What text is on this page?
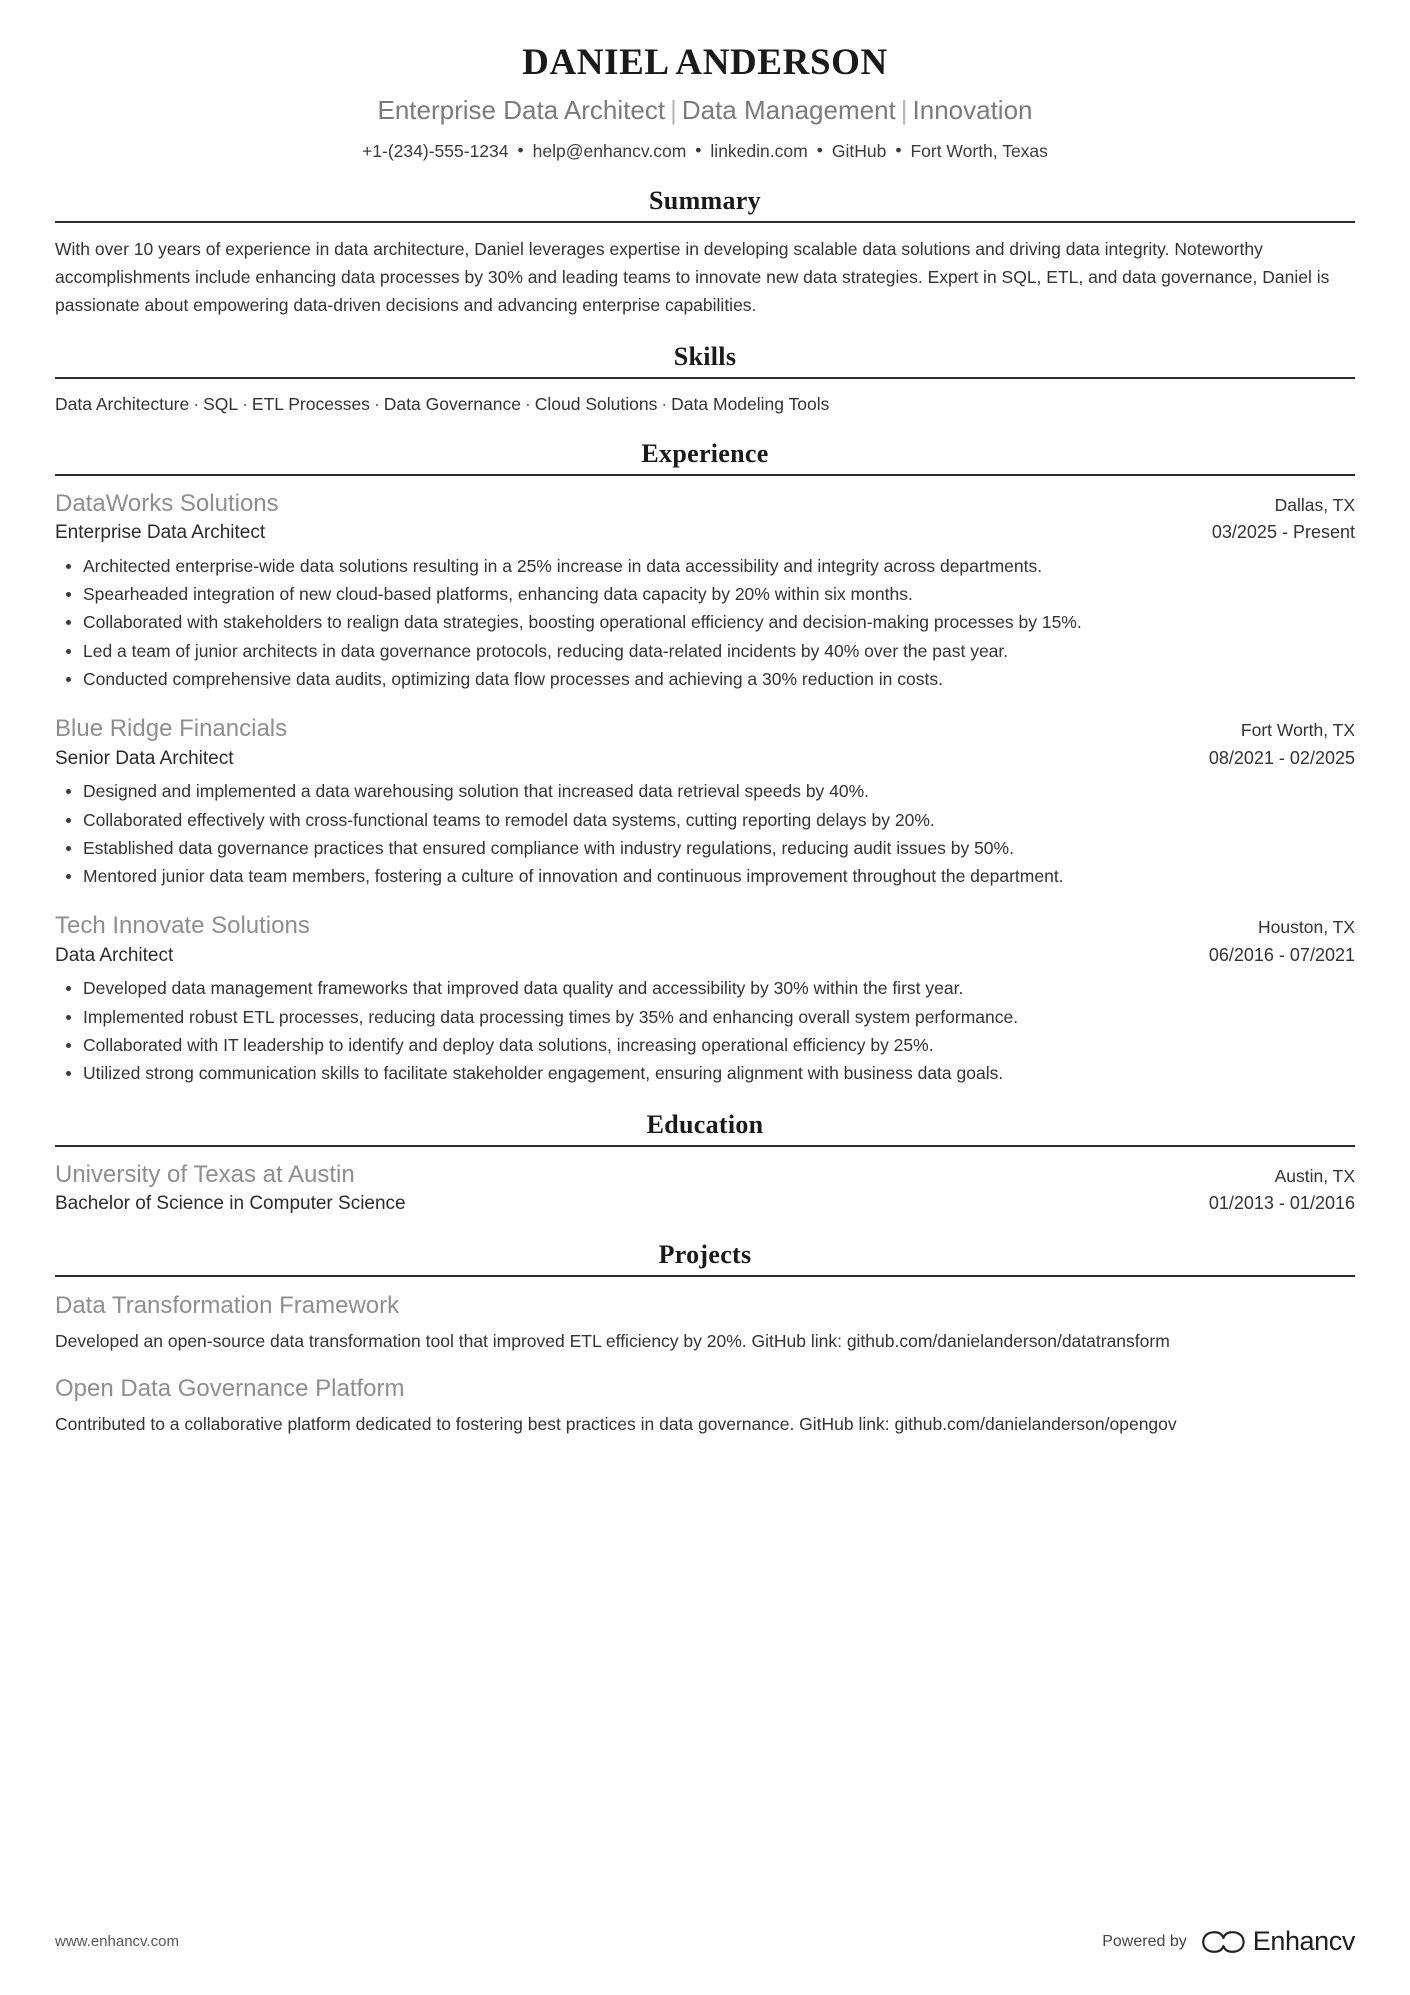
DANIEL ANDERSON
Enterprise Data Architect | Data Management | Innovation
+1-(234)-555-1234 • help@enhancv.com • linkedin.com • GitHub • Fort Worth, Texas
Summary

With over 10 years of experience in data architecture, Daniel leverages expertise in developing scalable data solutions and driving data integrity. Noteworthy accomplishments include enhancing data processes by 30% and leading teams to innovate new data strategies. Expert in SQL, ETL, and data governance, Daniel is passionate about empowering data-driven decisions and advancing enterprise capabilities.

Skills
Data Architecture · SQL · ETL Processes · Data Governance · Cloud Solutions · Data Modeling Tools
Experience
DataWorks Solutions	Dallas, TX
Enterprise Data Architect	03/2025 - Present
Architected enterprise-wide data solutions resulting in a 25% increase in data accessibility and integrity across departments.
Spearheaded integration of new cloud-based platforms, enhancing data capacity by 20% within six months.
Collaborated with stakeholders to realign data strategies, boosting operational efficiency and decision-making processes by 15%.
Led a team of junior architects in data governance protocols, reducing data-related incidents by 40% over the past year.
Conducted comprehensive data audits, optimizing data flow processes and achieving a 30% reduction in costs.
Blue Ridge Financials	Fort Worth, TX
Senior Data Architect	08/2021 - 02/2025
Designed and implemented a data warehousing solution that increased data retrieval speeds by 40%.
Collaborated effectively with cross-functional teams to remodel data systems, cutting reporting delays by 20%.
Established data governance practices that ensured compliance with industry regulations, reducing audit issues by 50%.
Mentored junior data team members, fostering a culture of innovation and continuous improvement throughout the department.
Tech Innovate Solutions	Houston, TX
Data Architect	06/2016 - 07/2021
Developed data management frameworks that improved data quality and accessibility by 30% within the first year.
Implemented robust ETL processes, reducing data processing times by 35% and enhancing overall system performance.
Collaborated with IT leadership to identify and deploy data solutions, increasing operational efficiency by 25%.
Utilized strong communication skills to facilitate stakeholder engagement, ensuring alignment with business data goals.
Education
University of Texas at Austin	Austin, TX
Bachelor of Science in Computer Science	01/2013 - 01/2016
Projects
Data Transformation Framework
Developed an open-source data transformation tool that improved ETL efficiency by 20%. GitHub link: github.com/danielanderson/datatransform
Open Data Governance Platform
Contributed to a collaborative platform dedicated to fostering best practices in data governance. GitHub link: github.com/danielanderson/opengov
www.enhancv.com	Powered by Enhancv
